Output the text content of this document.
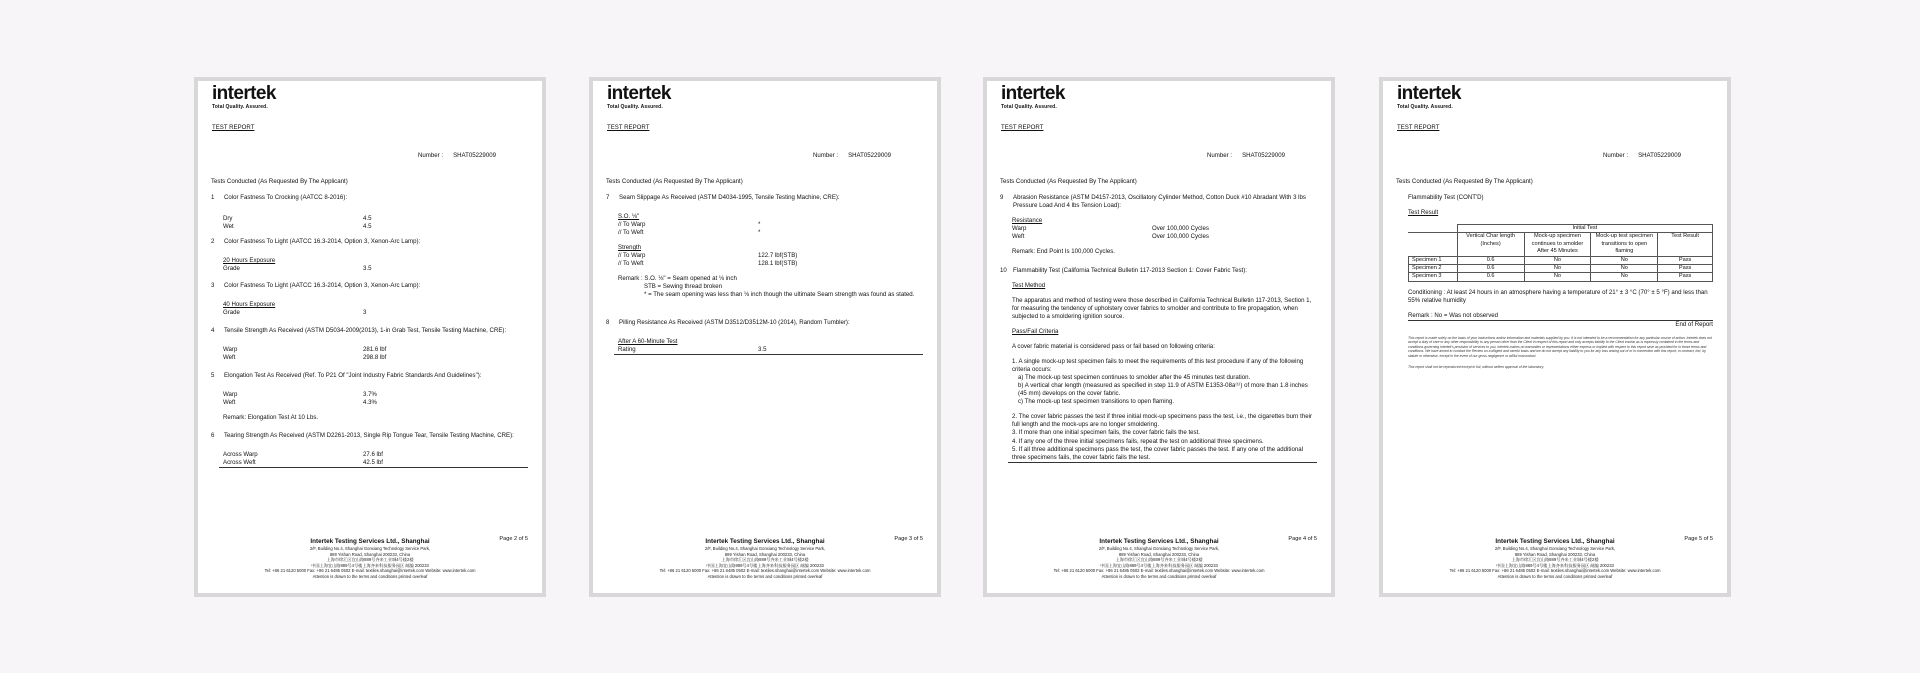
intertek
Total Quality. Assured.
TEST REPORT
Number : SHAT05229009
Tests Conducted (As Requested By The Applicant)
1	Color Fastness To Crocking (AATCC 8-2016):
Dry	4.5
Wet	4.5
2	Color Fastness To Light (AATCC 16.3-2014, Option 3, Xenon-Arc Lamp):
20 Hours Exposure
Grade	3.5
3	Color Fastness To Light (AATCC 16.3-2014, Option 3, Xenon-Arc Lamp):
40 Hours Exposure
Grade	3
4	Tensile Strength As Received (ASTM D5034-2009(2013), 1-in Grab Test, Tensile Testing Machine, CRE):
Warp	281.6 lbf
Weft	298.8 lbf
5	Elongation Test As Received (Ref. To P21 Of "Joint Industry Fabric Standards And Guidelines"):
Warp	3.7%
Weft	4.3%
Remark: Elongation Test At 10 Lbs.
6	Tearing Strength As Received (ASTM D2261-2013, Single Rip Tongue Tear, Tensile Testing Machine, CRE):
Across Warp	27.6 lbf
Across Weft	42.5 lbf
Page 2 of 5
Intertek Testing Services Ltd., Shanghai
2/F, Building No.4, Shanghai Gonxiang Technology Service Park,
889 Yishan Road, Shanghai 200233, China
上海市徐汇区宜山路889号齐来工业城4号楼2楼
中国上海宜山路889号4号楼上海齐来科技服务园区 邮编 200233
Tel: +86 21 6120 5000 Fax: +86 21 6485 0502 E-mail: textiles.shanghai@intertek.com Website: www.intertek.com
Attention is drawn to the terms and conditions printed overleaf
intertek
Total Quality. Assured.
TEST REPORT
Number : SHAT05229009
Tests Conducted (As Requested By The Applicant)
7	Seam Slippage As Received (ASTM D4034-1995, Tensile Testing Machine, CRE):
S.O. ⅛"
// To Warp	*
// To Weft	*
Strength
// To Warp	122.7 lbf(STB)
// To Weft	128.1 lbf(STB)
Remark : S.O. ⅛" = Seam opened at ⅛ inch
STB = Sewing thread broken
* = The seam opening was less than ⅛ inch though the ultimate Seam strength was found as stated.
8	Pilling Resistance As Received (ASTM D3512/D3512M-10 (2014), Random Tumbler):
After A 60-Minute Test
Rating	3.5
Page 3 of 5
Intertek Testing Services Ltd., Shanghai
2/F, Building No.4, Shanghai Gonxiang Technology Service Park,
889 Yishan Road, Shanghai 200233, China
上海市徐汇区宜山路889号齐来工业城4号楼2楼
中国上海宜山路889号4号楼上海齐来科技服务园区 邮编 200233
Tel: +86 21 6120 5000 Fax: +86 21 6485 0502 E-mail: textiles.shanghai@intertek.com Website: www.intertek.com
Attention is drawn to the terms and conditions printed overleaf
intertek
Total Quality. Assured.
TEST REPORT
Number : SHAT05229009
Tests Conducted (As Requested By The Applicant)
9	Abrasion Resistance (ASTM D4157-2013, Oscillatory Cylinder Method, Cotton Duck #10 Abradant With 3 lbs Pressure Load And 4 lbs Tension Load):
Resistance
Warp	Over 100,000 Cycles
Weft	Over 100,000 Cycles
Remark: End Point Is 100,000 Cycles.
10	Flammability Test (California Technical Bulletin 117-2013 Section 1: Cover Fabric Test):
Test Method
The apparatus and method of testing were those described in California Technical Bulletin 117-2013, Section 1, for measuring the tendency of upholstery cover fabrics to smolder and contribute to fire propagation, when subjected to a smoldering ignition source.
Pass/Fail Criteria
A cover fabric material is considered pass or fail based on following criteria:
1. A single mock-up test specimen fails to meet the requirements of this test procedure if any of the following criteria occurs:
a) The mock-up test specimen continues to smolder after the 45 minutes test duration.
b) A vertical char length (measured as specified in step 11.9 of ASTM E1353-08a⁽¹⁾) of more than 1.8 inches (45 mm) develops on the cover fabric.
c) The mock-up test specimen transitions to open flaming.
2. The cover fabric passes the test if three initial mock-up specimens pass the test, i.e., the cigarettes burn their full length and the mock-ups are no longer smoldering.
3. If more than one initial specimen fails, the cover fabric fails the test.
4. If any one of the three initial specimens fails, repeat the test on additional three specimens.
5. If all three additional specimens pass the test, the cover fabric passes the test. If any one of the additional three specimens fails, the cover fabric fails the test.
Page 4 of 5
Intertek Testing Services Ltd., Shanghai
2/F, Building No.4, Shanghai Gonxiang Technology Service Park,
889 Yishan Road, Shanghai 200233, China
上海市徐汇区宜山路889号齐来工业城4号楼2楼
中国上海宜山路889号4号楼上海齐来科技服务园区 邮编 200233
Tel: +86 21 6120 5000 Fax: +86 21 6485 0502 E-mail: textiles.shanghai@intertek.com Website: www.intertek.com
Attention is drawn to the terms and conditions printed overleaf
intertek
Total Quality. Assured.
TEST REPORT
Number : SHAT05229009
Tests Conducted (As Requested By The Applicant)
Flammability Test (CONT'D)
Test Result
	Initial Test			
	Vertical Char length (Inches)	Mock-up specimen continues to smolder After 45 Minutes	Mock-up test specimen transitions to open flaming	Test Result
Specimen 1	0.6	No	No	Pass
Specimen 2	0.6	No	No	Pass
Specimen 3	0.6	No	No	Pass
Conditioning : At least 24 hours in an atmosphere having a temperature of 21° ± 3 °C (70° ± 5 °F) and less than 55% relative humidity
Remark : No = Was not observed
End of Report
This report is made solely on the basis of your instructions and/or information and materials supplied by you. It is not intended to be a recommendation for any particular course of action. Intertek does not accept a duty of care or any other responsibility to any person other than the Client in respect of this report and only accepts liability to the Client insofar as is expressly contained in the terms and conditions governing Intertek's provision of services to you. Intertek makes no warranties or representations either express or implied with respect to this report save as provided for in those terms and conditions. We have aimed to conduct the Review on a diligent and careful basis and we do not accept any liability to you for any loss arising out of or in connection with this report, in contract, tort, by statute or otherwise, except in the event of our gross negligence or willful misconduct.
This report shall not be reproduced except in full, without written approval of the laboratory.
Page 5 of 5
Intertek Testing Services Ltd., Shanghai
2/F, Building No.4, Shanghai Gonxiang Technology Service Park,
889 Yishan Road, Shanghai 200233, China
上海市徐汇区宜山路889号齐来工业城4号楼2楼
中国上海宜山路889号4号楼上海齐来科技服务园区 邮编 200233
Tel: +86 21 6120 5000 Fax: +86 21 6485 0502 E-mail: textiles.shanghai@intertek.com Website: www.intertek.com
Attention is drawn to the terms and conditions printed overleaf
